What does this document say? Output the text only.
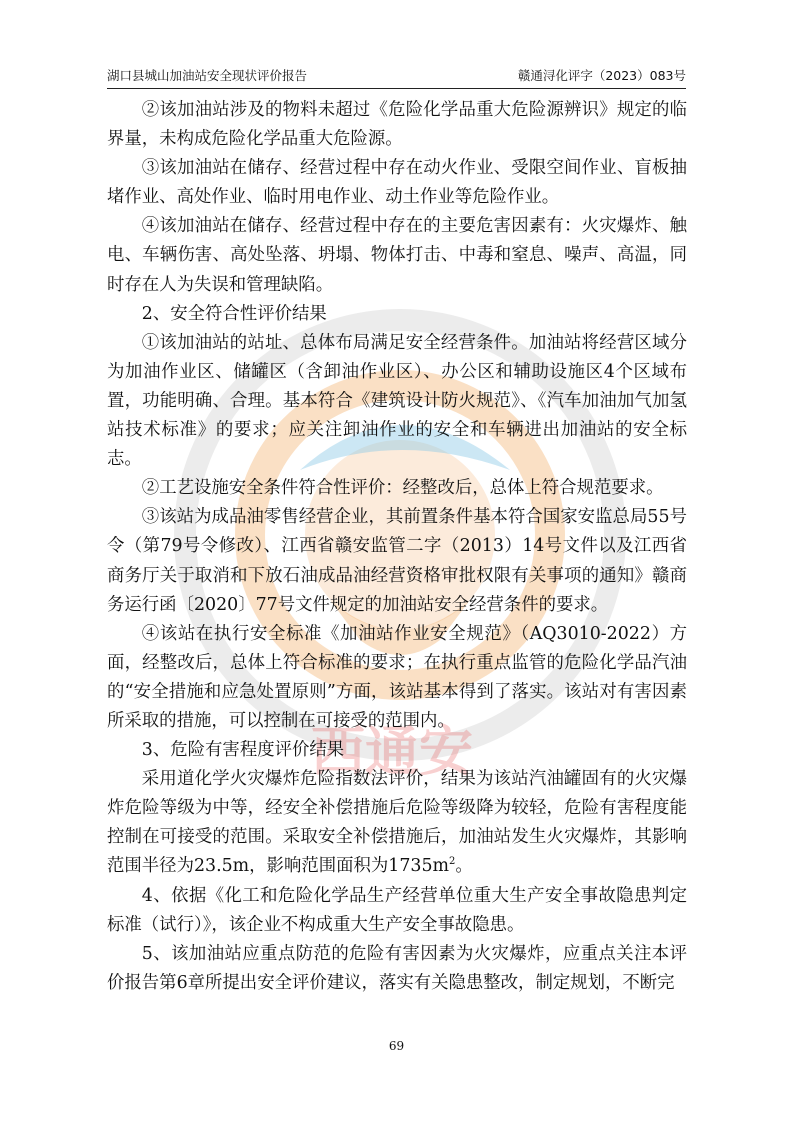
西通安
湖口县城山加油站安全现状评价报告	赣通浔化评字（2023）083号

②该加油站涉及的物料未超过《危险化学品重大危险源辨识》规定的临界量，未构成危险化学品重大危险源。

③该加油站在储存、经营过程中存在动火作业、受限空间作业、盲板抽堵作业、高处作业、临时用电作业、动土作业等危险作业。

④该加油站在储存、经营过程中存在的主要危害因素有：火灾爆炸、触电、车辆伤害、高处坠落、坍塌、物体打击、中毒和窒息、噪声、高温，同时存在人为失误和管理缺陷。

2、安全符合性评价结果

①该加油站的站址、总体布局满足安全经营条件。加油站将经营区域分为加油作业区、储罐区（含卸油作业区）、办公区和辅助设施区4个区域布置，功能明确、合理。基本符合《建筑设计防火规范》、《汽车加油加气加氢站技术标准》的要求；应关注卸油作业的安全和车辆进出加油站的安全标志。

②工艺设施安全条件符合性评价：经整改后，总体上符合规范要求。

③该站为成品油零售经营企业，其前置条件基本符合国家安监总局55号令（第79号令修改）、江西省赣安监管二字（2013）14号文件以及江西省商务厅关于取消和下放石油成品油经营资格审批权限有关事项的通知》赣商务运行函〔2020〕77号文件规定的加油站安全经营条件的要求。

④该站在执行安全标准《加油站作业安全规范》（AQ3010-2022）方面，经整改后，总体上符合标准的要求；在执行重点监管的危险化学品汽油的“安全措施和应急处置原则”方面，该站基本得到了落实。该站对有害因素所采取的措施，可以控制在可接受的范围内。

3、危险有害程度评价结果

采用道化学火灾爆炸危险指数法评价，结果为该站汽油罐固有的火灾爆炸危险等级为中等，经安全补偿措施后危险等级降为较轻，危险有害程度能控制在可接受的范围。采取安全补偿措施后，加油站发生火灾爆炸，其影响范围半径为23.5m，影响范围面积为$1735m^2$。

4、依据《化工和危险化学品生产经营单位重大生产安全事故隐患判定标准（试行）》，该企业不构成重大生产安全事故隐患。

5、该加油站应重点防范的危险有害因素为火灾爆炸，应重点关注本评价报告第6章所提出安全评价建议，落实有关隐患整改，制定规划，不断完

69
